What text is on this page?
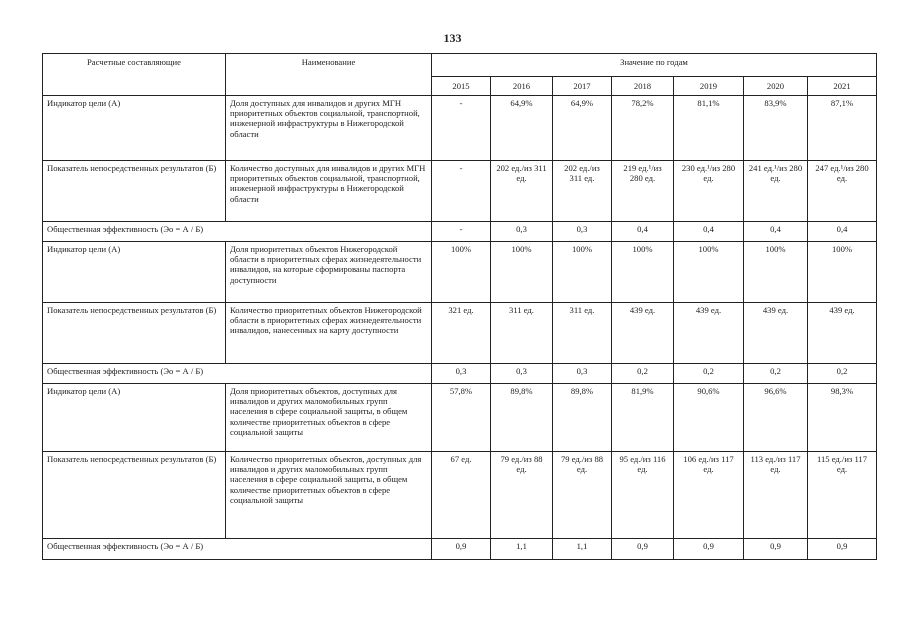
133
Расчетные составляющие	Наименование	Значение по годам						
		2015	2016	2017	2018	2019	2020	2021
Индикатор цели (А)	Доля доступных для инвалидов и других МГН приоритетных объектов социальной, транспортной, инженерной инфраструктуры в Нижегородской области	-	64,9%	64,9%	78,2%	81,1%	83,9%	87,1%
Показатель непосредственных результатов (Б)	Количество доступных для инвалидов и других МГН приоритетных объектов социальной, транспортной, инженерной инфраструктуры в Нижегородской области	-	202 ед./из 311 ед.	202 ед./из 311 ед.	219 ед.¹/из 280 ед.	230 ед.¹/из 280 ед.	241 ед.¹/из 280 ед.	247 ед.¹/из 280 ед.
Общественная эффективность (Эо = А / Б)		-	0,3	0,3	0,4	0,4	0,4	0,4
Индикатор цели (А)	Доля приоритетных объектов Нижегородской области в приоритетных сферах жизнедеятельности инвалидов, на которые сформированы паспорта доступности	100%	100%	100%	100%	100%	100%	100%
Показатель непосредственных результатов (Б)	Количество приоритетных объектов Нижегородской области в приоритетных сферах жизнедеятельности инвалидов, нанесенных на карту доступности	321 ед.	311 ед.	311 ед.	439 ед.	439 ед.	439 ед.	439 ед.
Общественная эффективность (Эо = А / Б)		0,3	0,3	0,3	0,2	0,2	0,2	0,2
Индикатор цели (А)	Доля приоритетных объектов, доступных для инвалидов и других маломобильных групп населения в сфере социальной защиты, в общем количестве приоритетных объектов в сфере социальной защиты	57,8%	89,8%	89,8%	81,9%	90,6%	96,6%	98,3%
Показатель непосредственных результатов (Б)	Количество приоритетных объектов, доступных для инвалидов и других маломобильных групп населения в сфере социальной защиты, в общем количестве приоритетных объектов в сфере социальной защиты	67 ед.	79 ед./из 88 ед.	79 ед./из 88 ед.	95 ед./из 116 ед.	106 ед./из 117 ед.	113 ед./из 117 ед.	115 ед./из 117 ед.
Общественная эффективность (Эо = А / Б)		0,9	1,1	1,1	0,9	0,9	0,9	0,9
